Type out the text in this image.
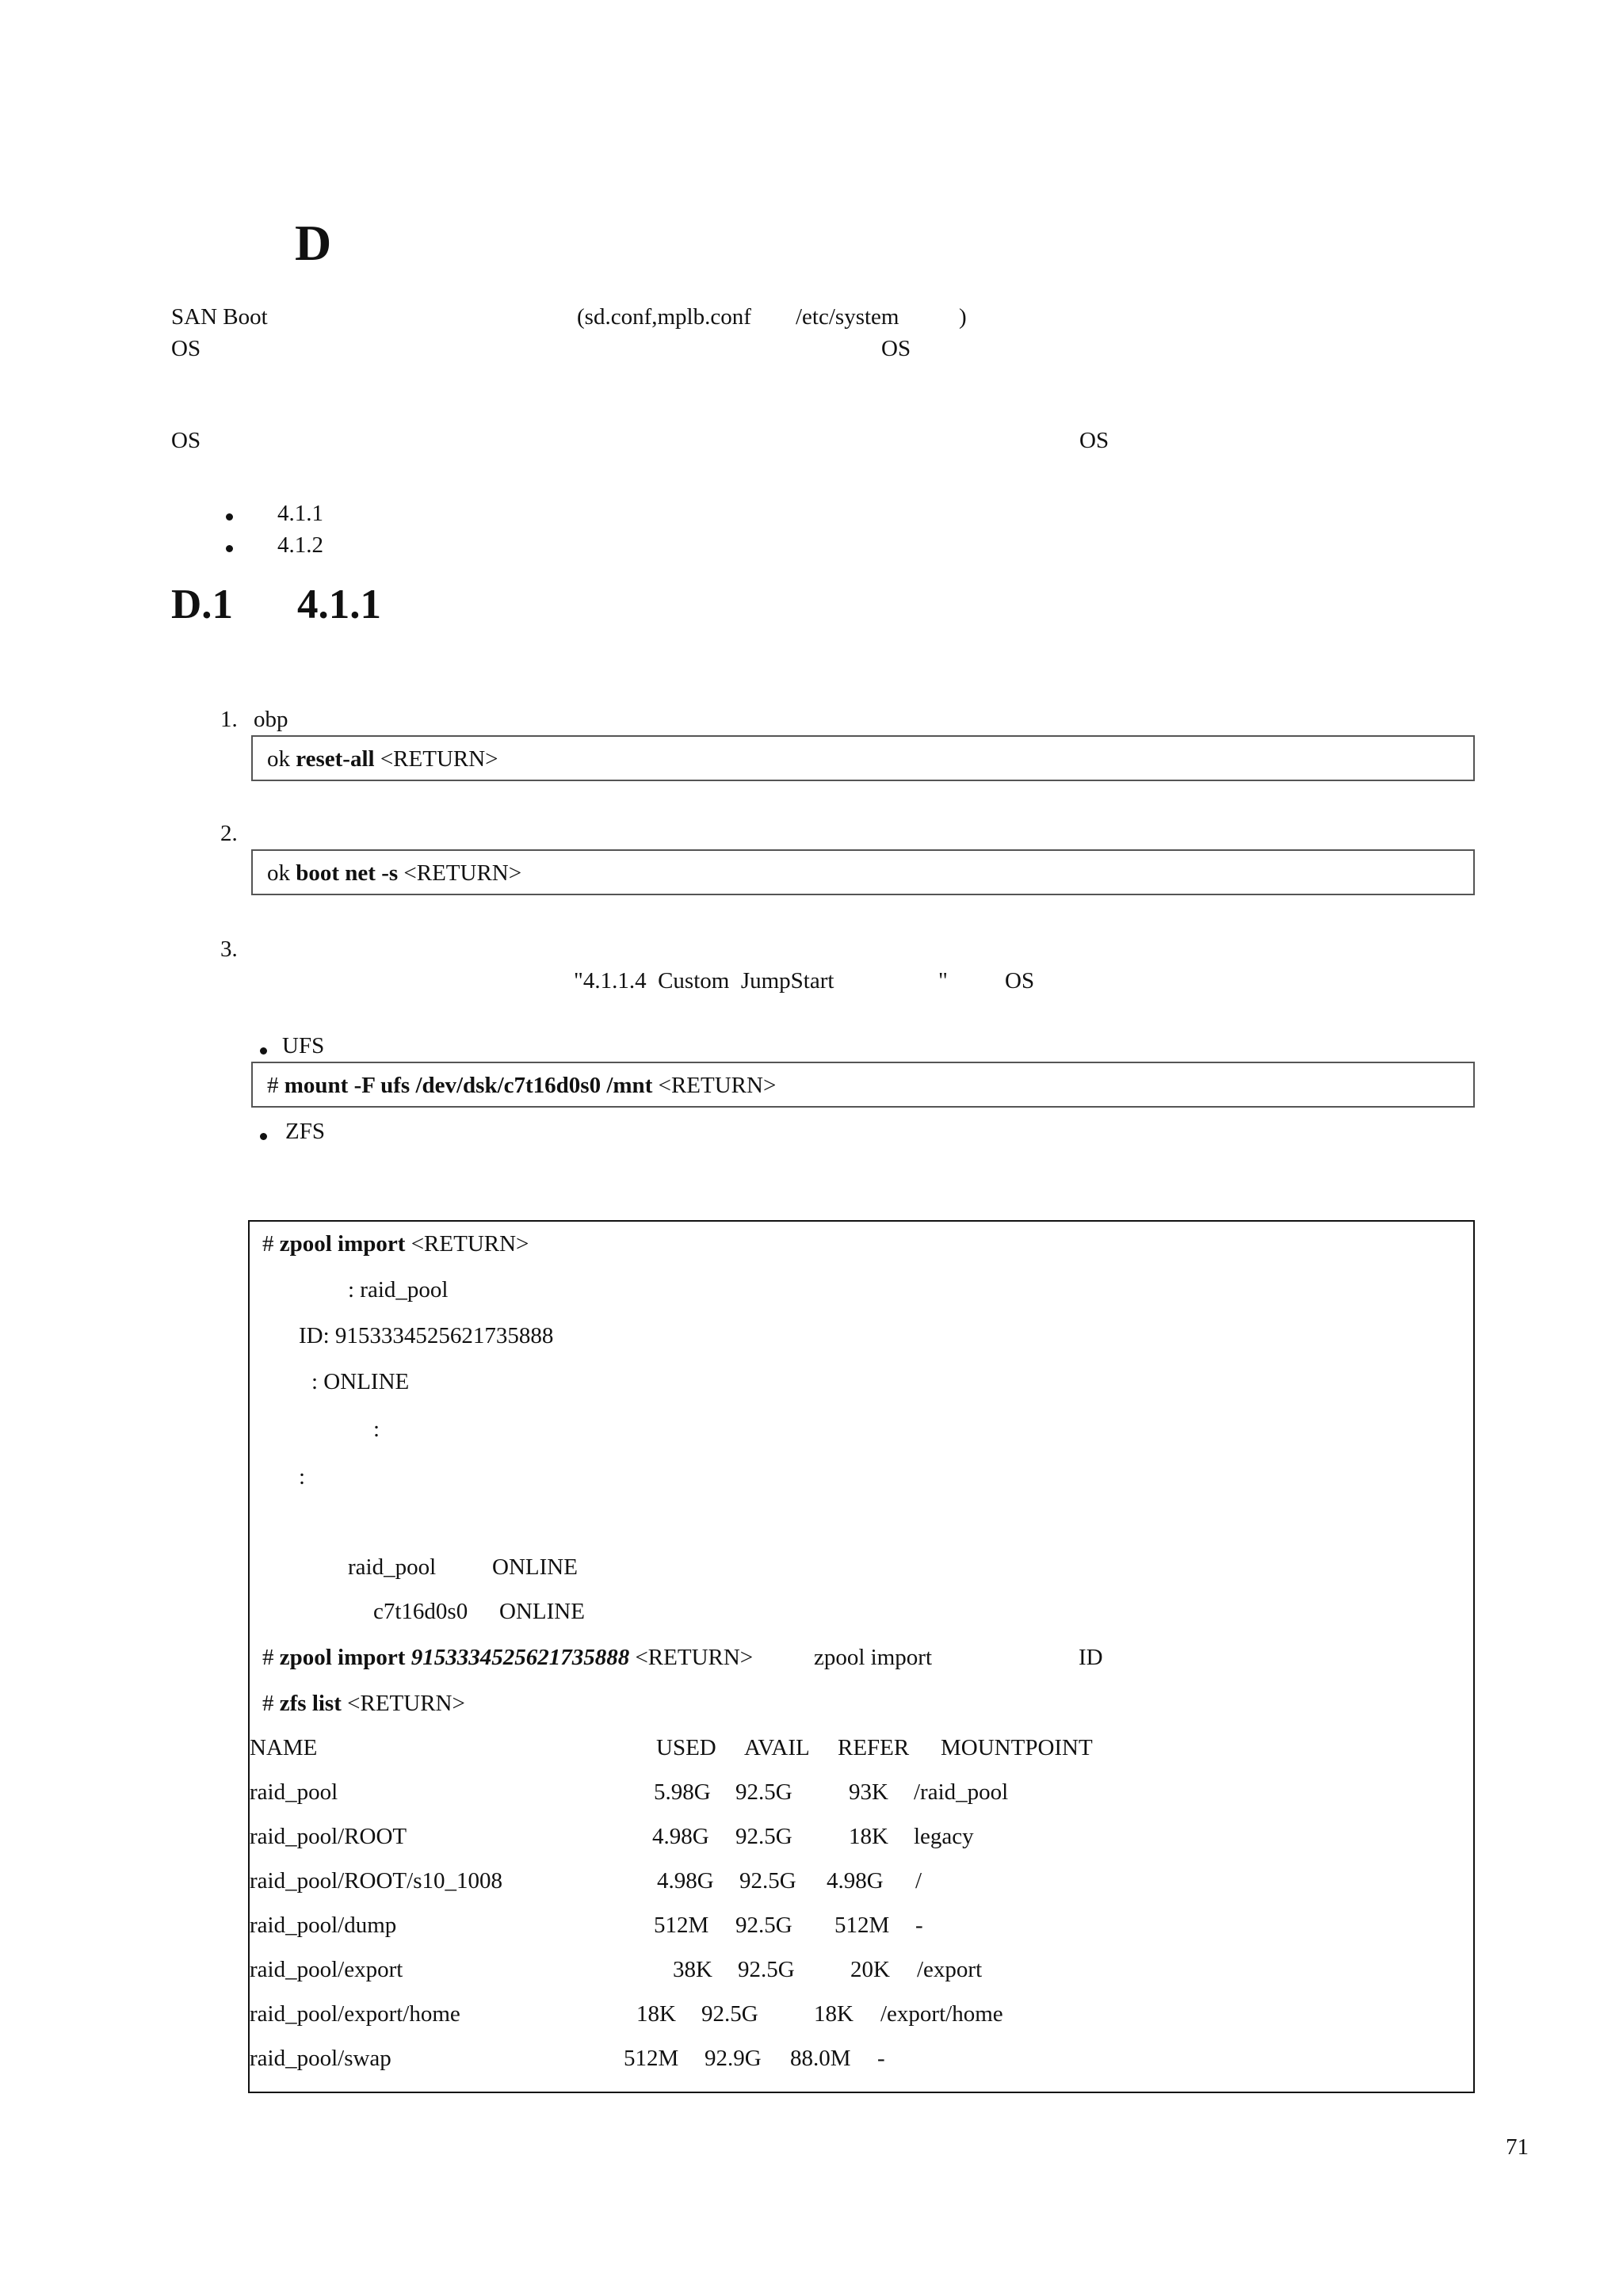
D
SAN Boot	(sd.conf,mplb.conf /etc/system	)
OS	OS
OS	OS
4.1.1
4.1.2
D.1 4.1.1
1. obp
ok reset-all <RETURN>
2.
ok boot net -s <RETURN>
3.
"4.1.1.4  Custom  JumpStart	" OS
UFS
# mount -F ufs /dev/dsk/c7t16d0s0 /mnt <RETURN>
ZFS
# zpool import <RETURN>
: raid_pool
ID: 9153334525621735888
: ONLINE
:
:
raid_pool ONLINE
c7t16d0s0 ONLINE
# zpool import 9153334525621735888 <RETURN>	zpool import	ID
# zfs list <RETURN>
NAME	USED AVAIL REFER MOUNTPOINT
raid_pool	5.98G 92.5G 93K /raid_pool
raid_pool/ROOT	4.98G 92.5G 18K legacy
raid_pool/ROOT/s10_1008	4.98G 92.5G 4.98G /
raid_pool/dump	512M 92.5G 512M -
raid_pool/export	38K 92.5G 20K /export
raid_pool/export/home	18K 92.5G 18K /export/home
raid_pool/swap	512M 92.9G 88.0M -
71
